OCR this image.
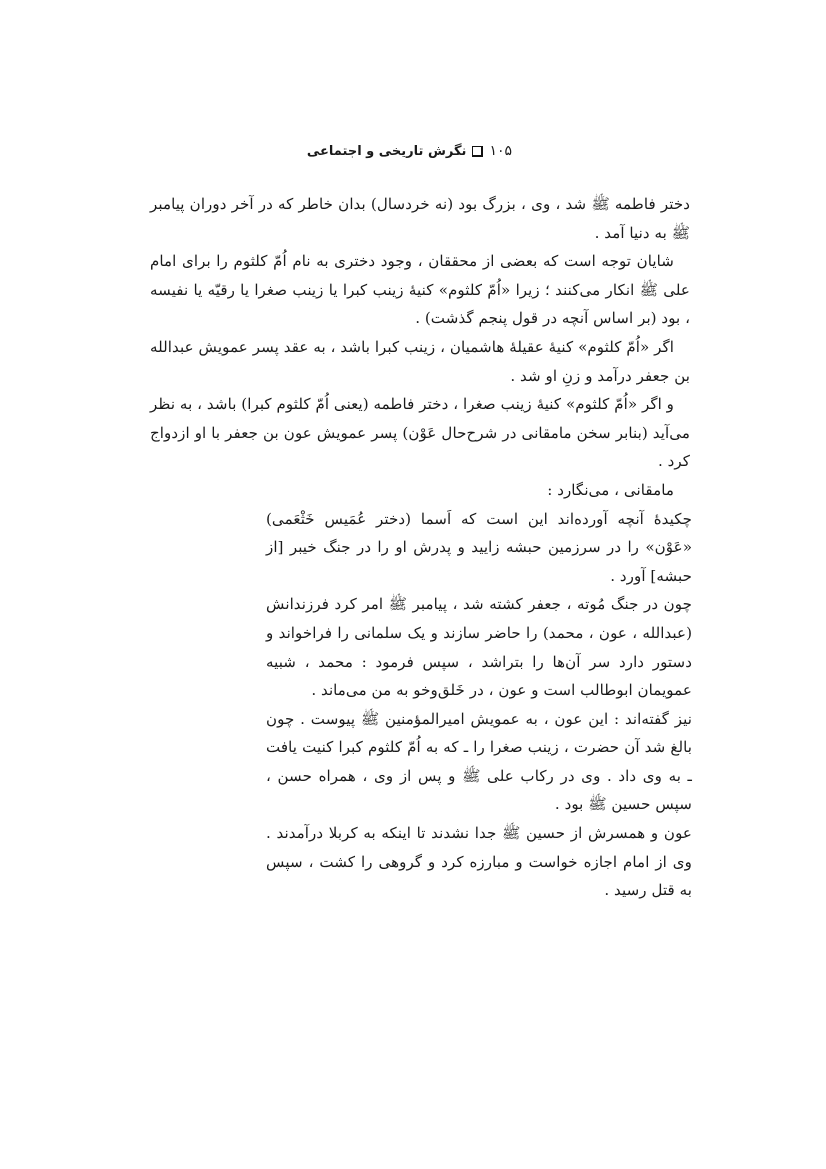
نگرش تاریخی و اجتماعی ۱۰۵

دختر فاطمه ﷺ شد ، وی ، بزرگ بود (نه خردسال) بدان خاطر که در آخر دوران پیامبر ﷺ به دنیا آمد .

شایان توجه است که بعضی از محققان ، وجود دختری به نام اُمّ کلثوم را برای امام علی ﷺ انکار می‌کنند ؛ زیرا «اُمّ کلثوم» کنیهٔ زینب کبرا یا زینب صغرا یا رقیّه یا نفیسه ، بود (بر اساس آنچه در قول پنجم گذشت) .

اگر «اُمّ کلثوم» کنیهٔ عقیلهٔ هاشمیان ، زینب کبرا باشد ، به عقد پسر عمویش عبدالله بن جعفر درآمد و زنِ او شد .

و اگر «اُمّ کلثوم» کنیهٔ زینب صغرا ، دختر فاطمه (یعنی اُمّ کلثوم کبرا) باشد ، به نظر می‌آید (بنابر سخن مامقانی در شرح‌حال عَوْن) پسر عمویش عون بن جعفر با او ازدواج کرد .

مامقانی ، می‌نگارد :

چکیدهٔ آنچه آورده‌اند این است که اَسما (دختر عُمَیس خَثْعَمی) «عَوْن» را در سرزمین حبشه زایید و پدرش او را در جنگ خیبر [از حبشه] آورد .

چون در جنگ مُوته ، جعفر کشته شد ، پیامبر ﷺ امر کرد فرزندانش (عبدالله ، عون ، محمد) را حاضر سازند و یک سلمانی را فراخواند و دستور دارد سر آن‌ها را بتراشد ، سپس فرمود : محمد ، شبیه عمویمان ابوطالب است و عون ، در خَلق‌وخو به من می‌ماند .

نیز گفته‌اند : این عون ، به عمویش امیرالمؤمنین ﷺ پیوست . چون بالغ شد آن حضرت ، زینب صغرا را ـ که به اُمّ کلثوم کبرا کنیت یافت ـ به وی داد . وی در رکاب علی ﷺ و پس از وی ، همراه حسن ، سپس حسین ﷺ بود .

عون و همسرش از حسین ﷺ جدا نشدند تا اینکه به کربلا درآمدند . وی از امام اجازه خواست و مبارزه کرد و گروهی را کشت ، سپس به قتل رسید .
